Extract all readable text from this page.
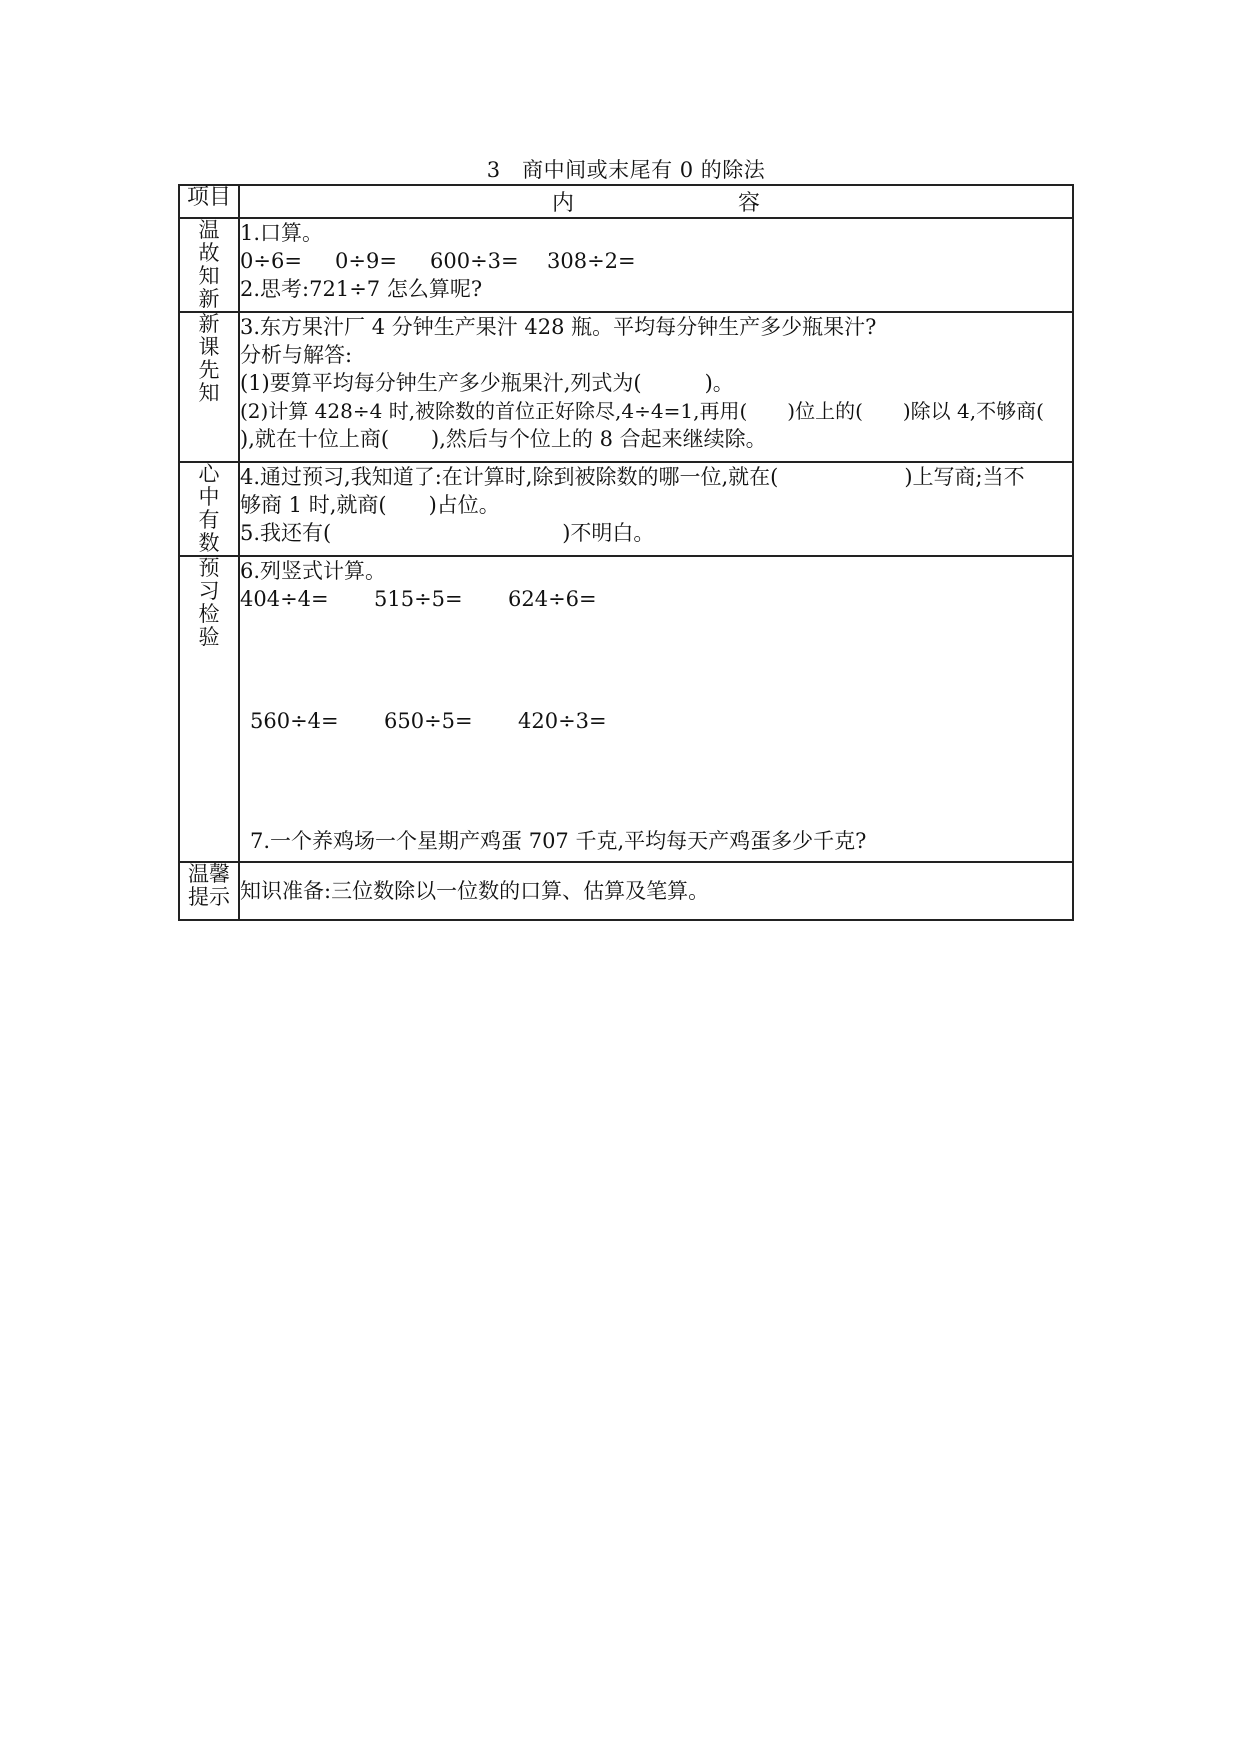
3　商中间或末尾有 0 的除法
项目	内　　容
温故知新	1.口算。
0÷6= 0÷9= 600÷3= 308÷2=
2.思考:721÷7 怎么算呢?

新课先知	3.东方果汁厂 4 分钟生产果汁 428 瓶。平均每分钟生产多少瓶果汁?
分析与解答:
(1)要算平均每分钟生产多少瓶果汁,列式为(　　　)。
(2)计算 428÷4 时,被除数的首位正好除尽,4÷4=1,再用(　　)位上的(　　)除以 4,不够商(
),就在十位上商(　　),然后与个位上的 8 合起来继续除。

心中有数	4.通过预习,我知道了:在计算时,除到被除数的哪一位,就在(　　　　　　)上写商;当不
够商 1 时,就商(　　)占位。
5.我还有(　　　　　　　　　　　)不明白。

预习检验	6.列竖式计算。
404÷4= 515÷5= 624÷6=
560÷4= 650÷5= 420÷3=
7.一个养鸡场一个星期产鸡蛋 707 千克,平均每天产鸡蛋多少千克?

温馨提示	知识准备:三位数除以一位数的口算、估算及笔算。
